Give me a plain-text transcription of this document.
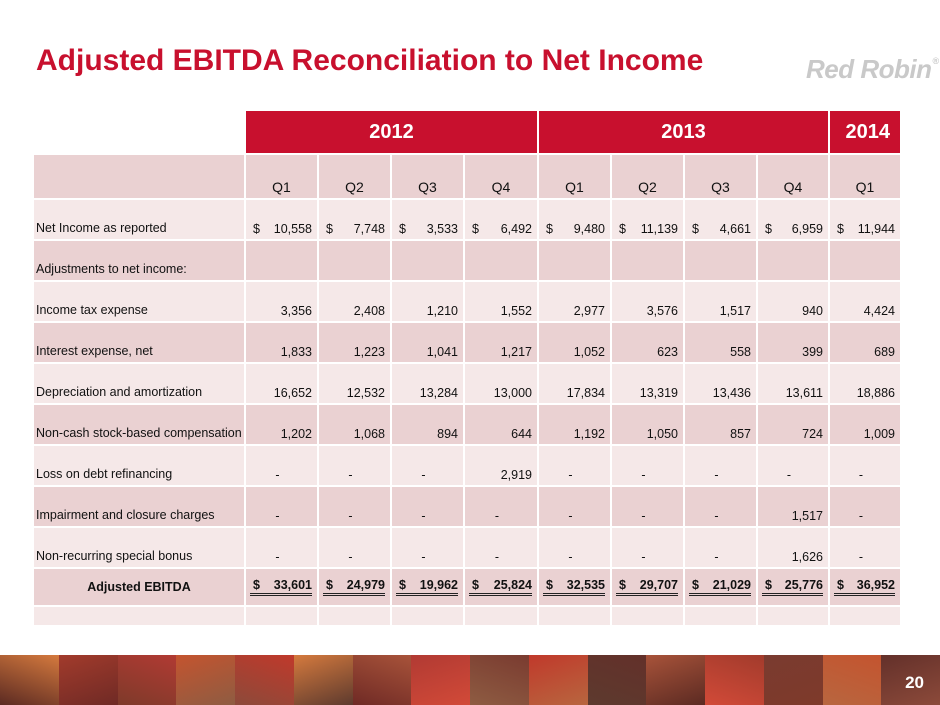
Adjusted EBITDA Reconciliation to Net Income	Red Robin®
	2012				2013				2014
	Q1	Q2	Q3	Q4	Q1	Q2	Q3	Q4	Q1
Net Income as reported	$ 10,558	$ 7,748	$ 3,533	$ 6,492	$ 9,480	$ 11,139	$ 4,661	$ 6,959	$ 11,944
Adjustments to net income:									
Income tax expense	3,356	2,408	1,210	1,552	2,977	3,576	1,517	940	4,424
Interest expense, net	1,833	1,223	1,041	1,217	1,052	623	558	399	689
Depreciation and amortization	16,652	12,532	13,284	13,000	17,834	13,319	13,436	13,611	18,886
Non-cash stock-based compensation	1,202	1,068	894	644	1,192	1,050	857	724	1,009
Loss on debt refinancing	-	-	-	2,919	-	-	-	-	-
Impairment and closure charges	-	-	-	-	-	-	-	1,517	-
Non-recurring special bonus	-	-	-	-	-	-	-	1,626	-
Adjusted EBITDA	$ 33,601	$ 24,979	$ 19,962	$ 25,824	$ 32,535	$ 29,707	$ 21,029	$ 25,776	$ 36,952

20
